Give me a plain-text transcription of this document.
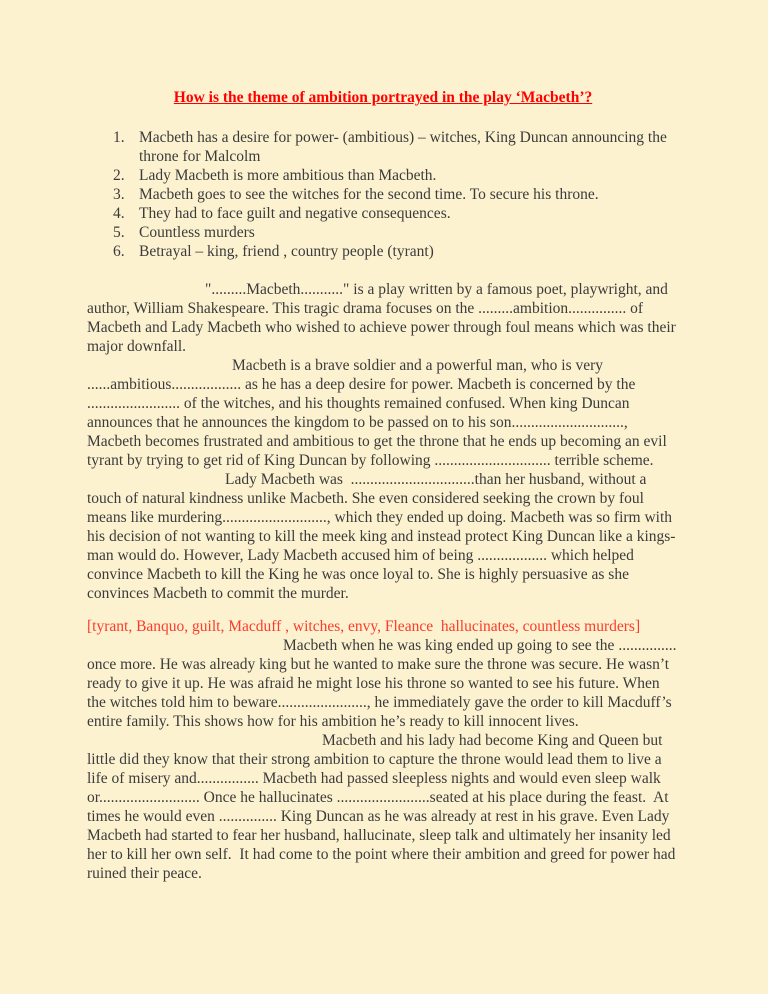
How is the theme of ambition portrayed in the play ‘Macbeth’?
Macbeth has a desire for power- (ambitious) – witches, King Duncan announcing the throne for Malcolm
Lady Macbeth is more ambitious than Macbeth.
Macbeth goes to see the witches for the second time. To secure his throne.
They had to face guilt and negative consequences.
Countless murders
Betrayal – king, friend , country people (tyrant)

".........Macbeth..........." is a play written by a famous poet, playwright, and author, William Shakespeare. This tragic drama focuses on the .........ambition............... of Macbeth and Lady Macbeth who wished to achieve power through foul means which was their major downfall.

Macbeth is a brave soldier and a powerful man, who is very ......ambitious.................. as he has a deep desire for power. Macbeth is concerned by the ........................ of the witches, and his thoughts remained confused. When king Duncan announces that he announces the kingdom to be passed on to his son............................., Macbeth becomes frustrated and ambitious to get the throne that he ends up becoming an evil tyrant by trying to get rid of King Duncan by following .............................. terrible scheme.

Lady Macbeth was  ................................than her husband, without a touch of natural kindness unlike Macbeth. She even considered seeking the crown by foul means like murdering..........................., which they ended up doing. Macbeth was so firm with his decision of not wanting to kill the meek king and instead protect King Duncan like a kings-man would do. However, Lady Macbeth accused him of being .................. which helped convince Macbeth to kill the King he was once loyal to. She is highly persuasive as she convinces Macbeth to commit the murder.

[tyrant, Banquo, guilt, Macduff , witches, envy, Fleance  hallucinates, countless murders]

Macbeth when he was king ended up going to see the ............... once more. He was already king but he wanted to make sure the throne was secure. He wasn’t ready to give it up. He was afraid he might lose his throne so wanted to see his future. When the witches told him to beware......................., he immediately gave the order to kill Macduff’s entire family. This shows how for his ambition he’s ready to kill innocent lives.

Macbeth and his lady had become King and Queen but little did they know that their strong ambition to capture the throne would lead them to live a life of misery and................ Macbeth had passed sleepless nights and would even sleep walk or.......................... Once he hallucinates ........................seated at his place during the feast.  At times he would even ............... King Duncan as he was already at rest in his grave. Even Lady Macbeth had started to fear her husband, hallucinate, sleep talk and ultimately her insanity led her to kill her own self.  It had come to the point where their ambition and greed for power had ruined their peace.
